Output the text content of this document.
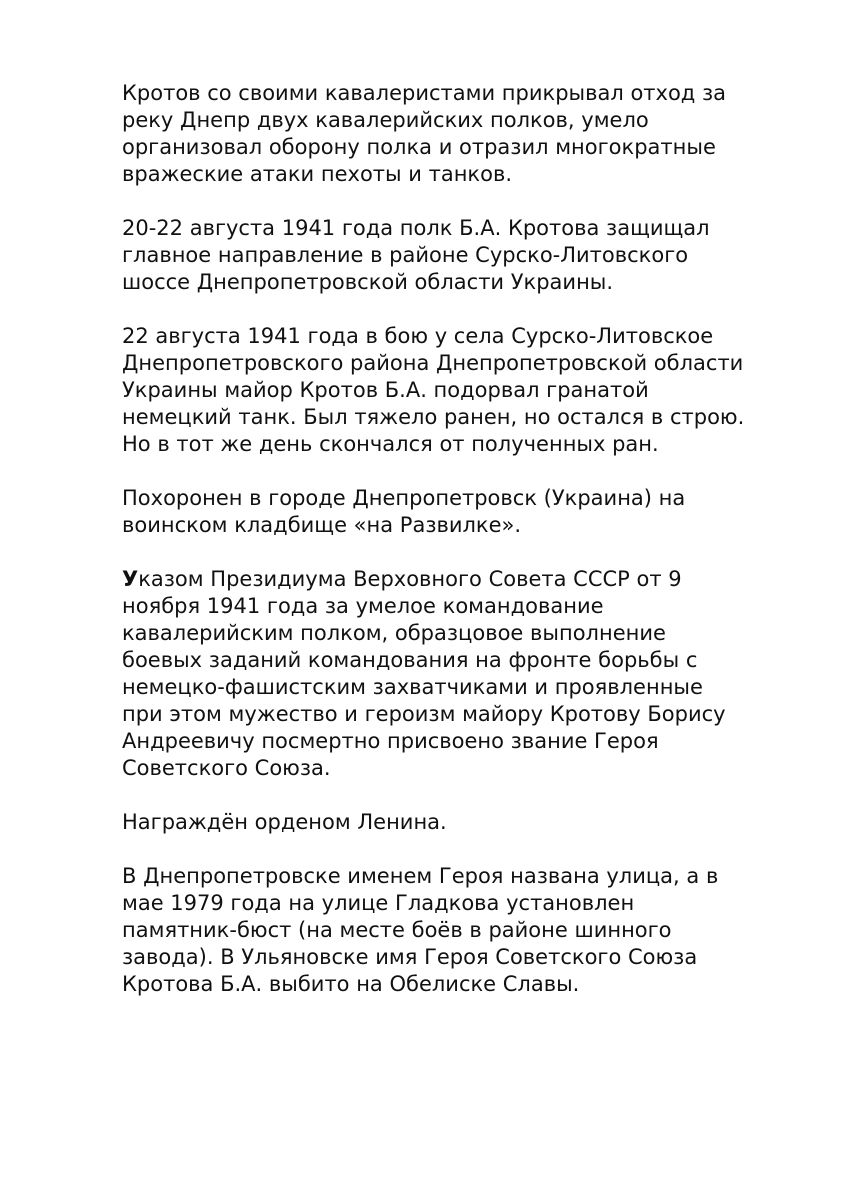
Кротов со своими кавалеристами прикрывал отход за
реку Днепр двух кавалерийских полков, умело
организовал оборону полка и отразил многократные
вражеские атаки пехоты и танков.

20-22 августа 1941 года полк Б.А. Кротова защищал
главное направление в районе Сурско-Литовского
шоссе Днепропетровской области Украины.

22 августа 1941 года в бою у села Сурско-Литовское
Днепропетровского района Днепропетровской области
Украины майор Кротов Б.А. подорвал гранатой
немецкий танк. Был тяжело ранен, но остался в строю.
Но в тот же день скончался от полученных ран.

Похоронен в городе Днепропетровск (Украина) на
воинском кладбище «на Развилке».

Указом Президиума Верховного Совета СССР от 9
ноября 1941 года за умелое командование
кавалерийским полком, образцовое выполнение
боевых заданий командования на фронте борьбы с
немецко-фашистским захватчиками и проявленные
при этом мужество и героизм майору Кротову Борису
Андреевичу посмертно присвоено звание Героя
Советского Союза.

Награждён орденом Ленина.

В Днепропетровске именем Героя названа улица, а в
мае 1979 года на улице Гладкова установлен
памятник-бюст (на месте боёв в районе шинного
завода). В Ульяновске имя Героя Советского Союза
Кротова Б.А. выбито на Обелиске Славы.
